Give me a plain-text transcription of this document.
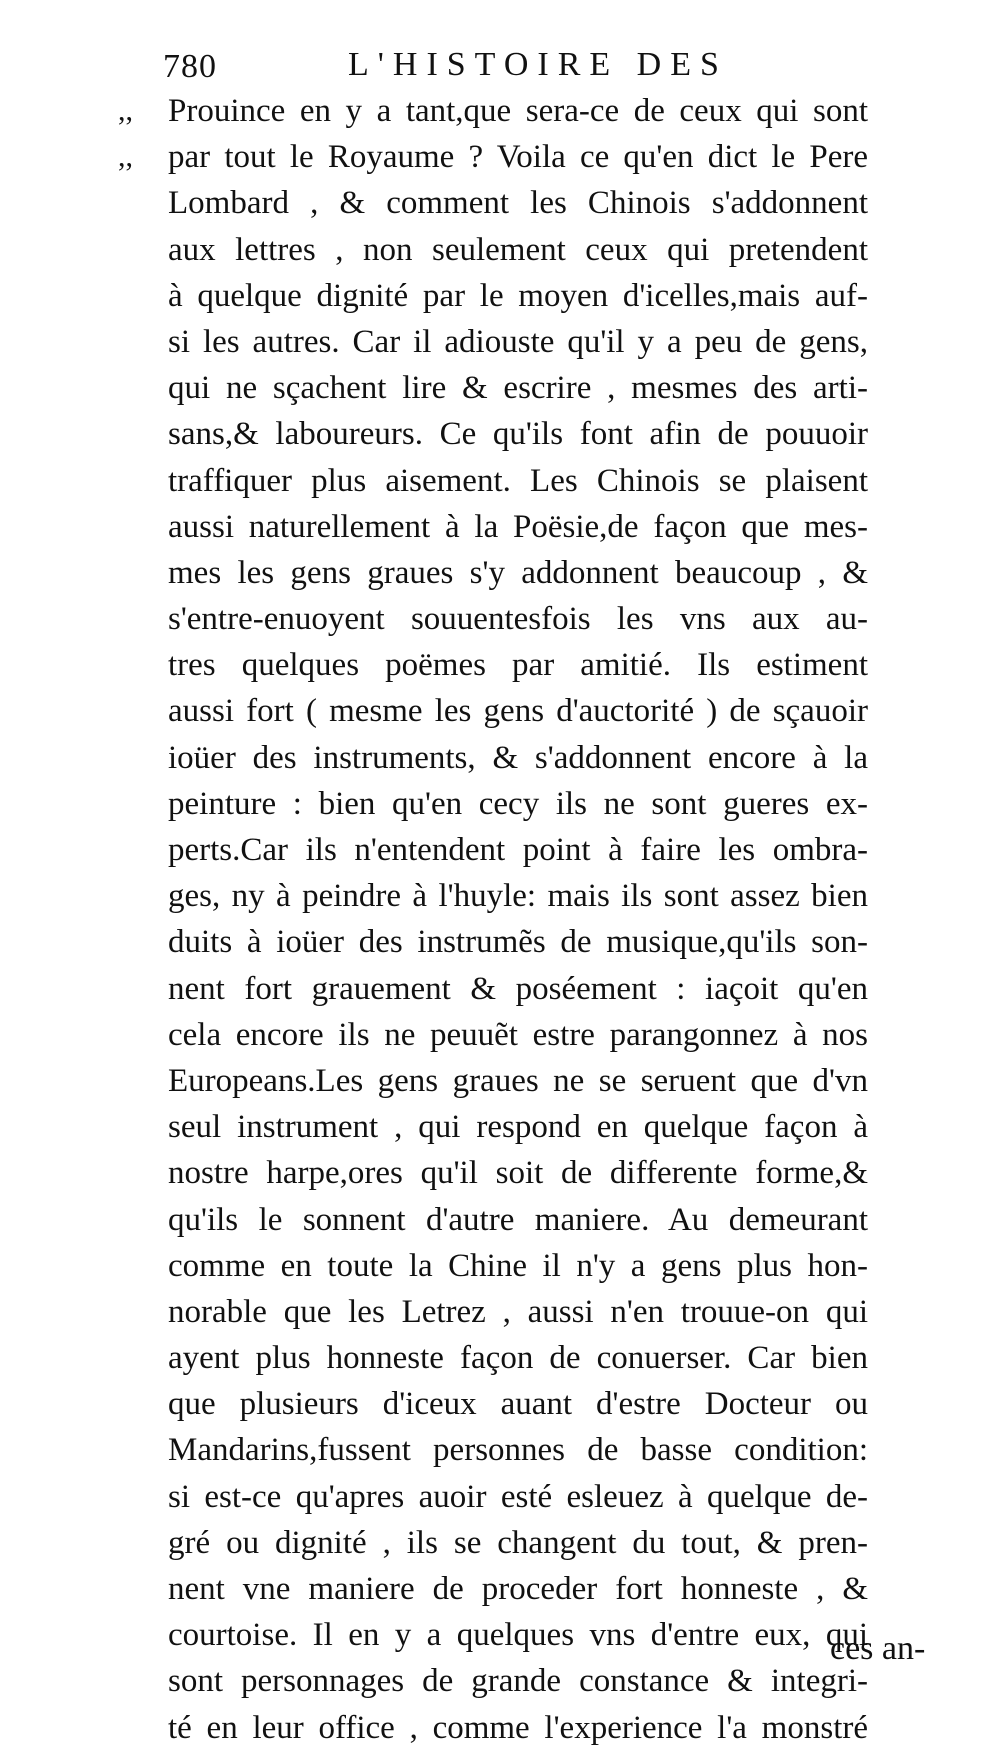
780	L'HISTOIRE DES
,, Prouince en y a tant,que sera-ce de ceux qui sont
,, par tout le Royaume ? Voila ce qu'en dict le Pere
Lombard , & comment les Chinois s'addonnent
aux lettres , non seulement ceux qui pretendent
à quelque dignité par le moyen d'icelles,mais auf-
si les autres. Car il adiouste qu'il y a peu de gens,
qui ne sçachent lire & escrire , mesmes des arti-
sans,& laboureurs. Ce qu'ils font afin de pouuoir
traffiquer plus aisement. Les Chinois se plaisent
aussi naturellement à la Poësie,de façon que mes-
mes les gens graues s'y addonnent beaucoup , &
s'entre-enuoyent souuentesfois les vns aux au-
tres quelques poëmes par amitié. Ils estiment
aussi fort ( mesme les gens d'auctorité ) de sçauoir
ioüer des instruments, & s'addonnent encore à la
peinture : bien qu'en cecy ils ne sont gueres ex-
perts.Car ils n'entendent point à faire les ombra-
ges, ny à peindre à l'huyle: mais ils sont assez bien
duits à ioüer des instrumẽs de musique,qu'ils son-
nent fort grauement & poséement : iaçoit qu'en
cela encore ils ne peuuẽt estre parangonnez à nos
Europeans.Les gens graues ne se seruent que d'vn
seul instrument , qui respond en quelque façon à
nostre harpe,ores qu'il soit de differente forme,&
qu'ils le sonnent d'autre maniere. Au demeurant
comme en toute la Chine il n'y a gens plus hon-
norable que les Letrez , aussi n'en trouue-on qui
ayent plus honneste façon de conuerser. Car bien
que plusieurs d'iceux auant d'estre Docteur ou
Mandarins,fussent personnes de basse condition:
si est-ce qu'apres auoir esté esleuez à quelque de-
gré ou dignité , ils se changent du tout, & pren-
nent vne maniere de proceder fort honneste , &
courtoise. Il en y a quelques vns d'entre eux, qui
sont personnages de grande constance & integri-
té en leur office , comme l'experience l'a monstré
ces an-
